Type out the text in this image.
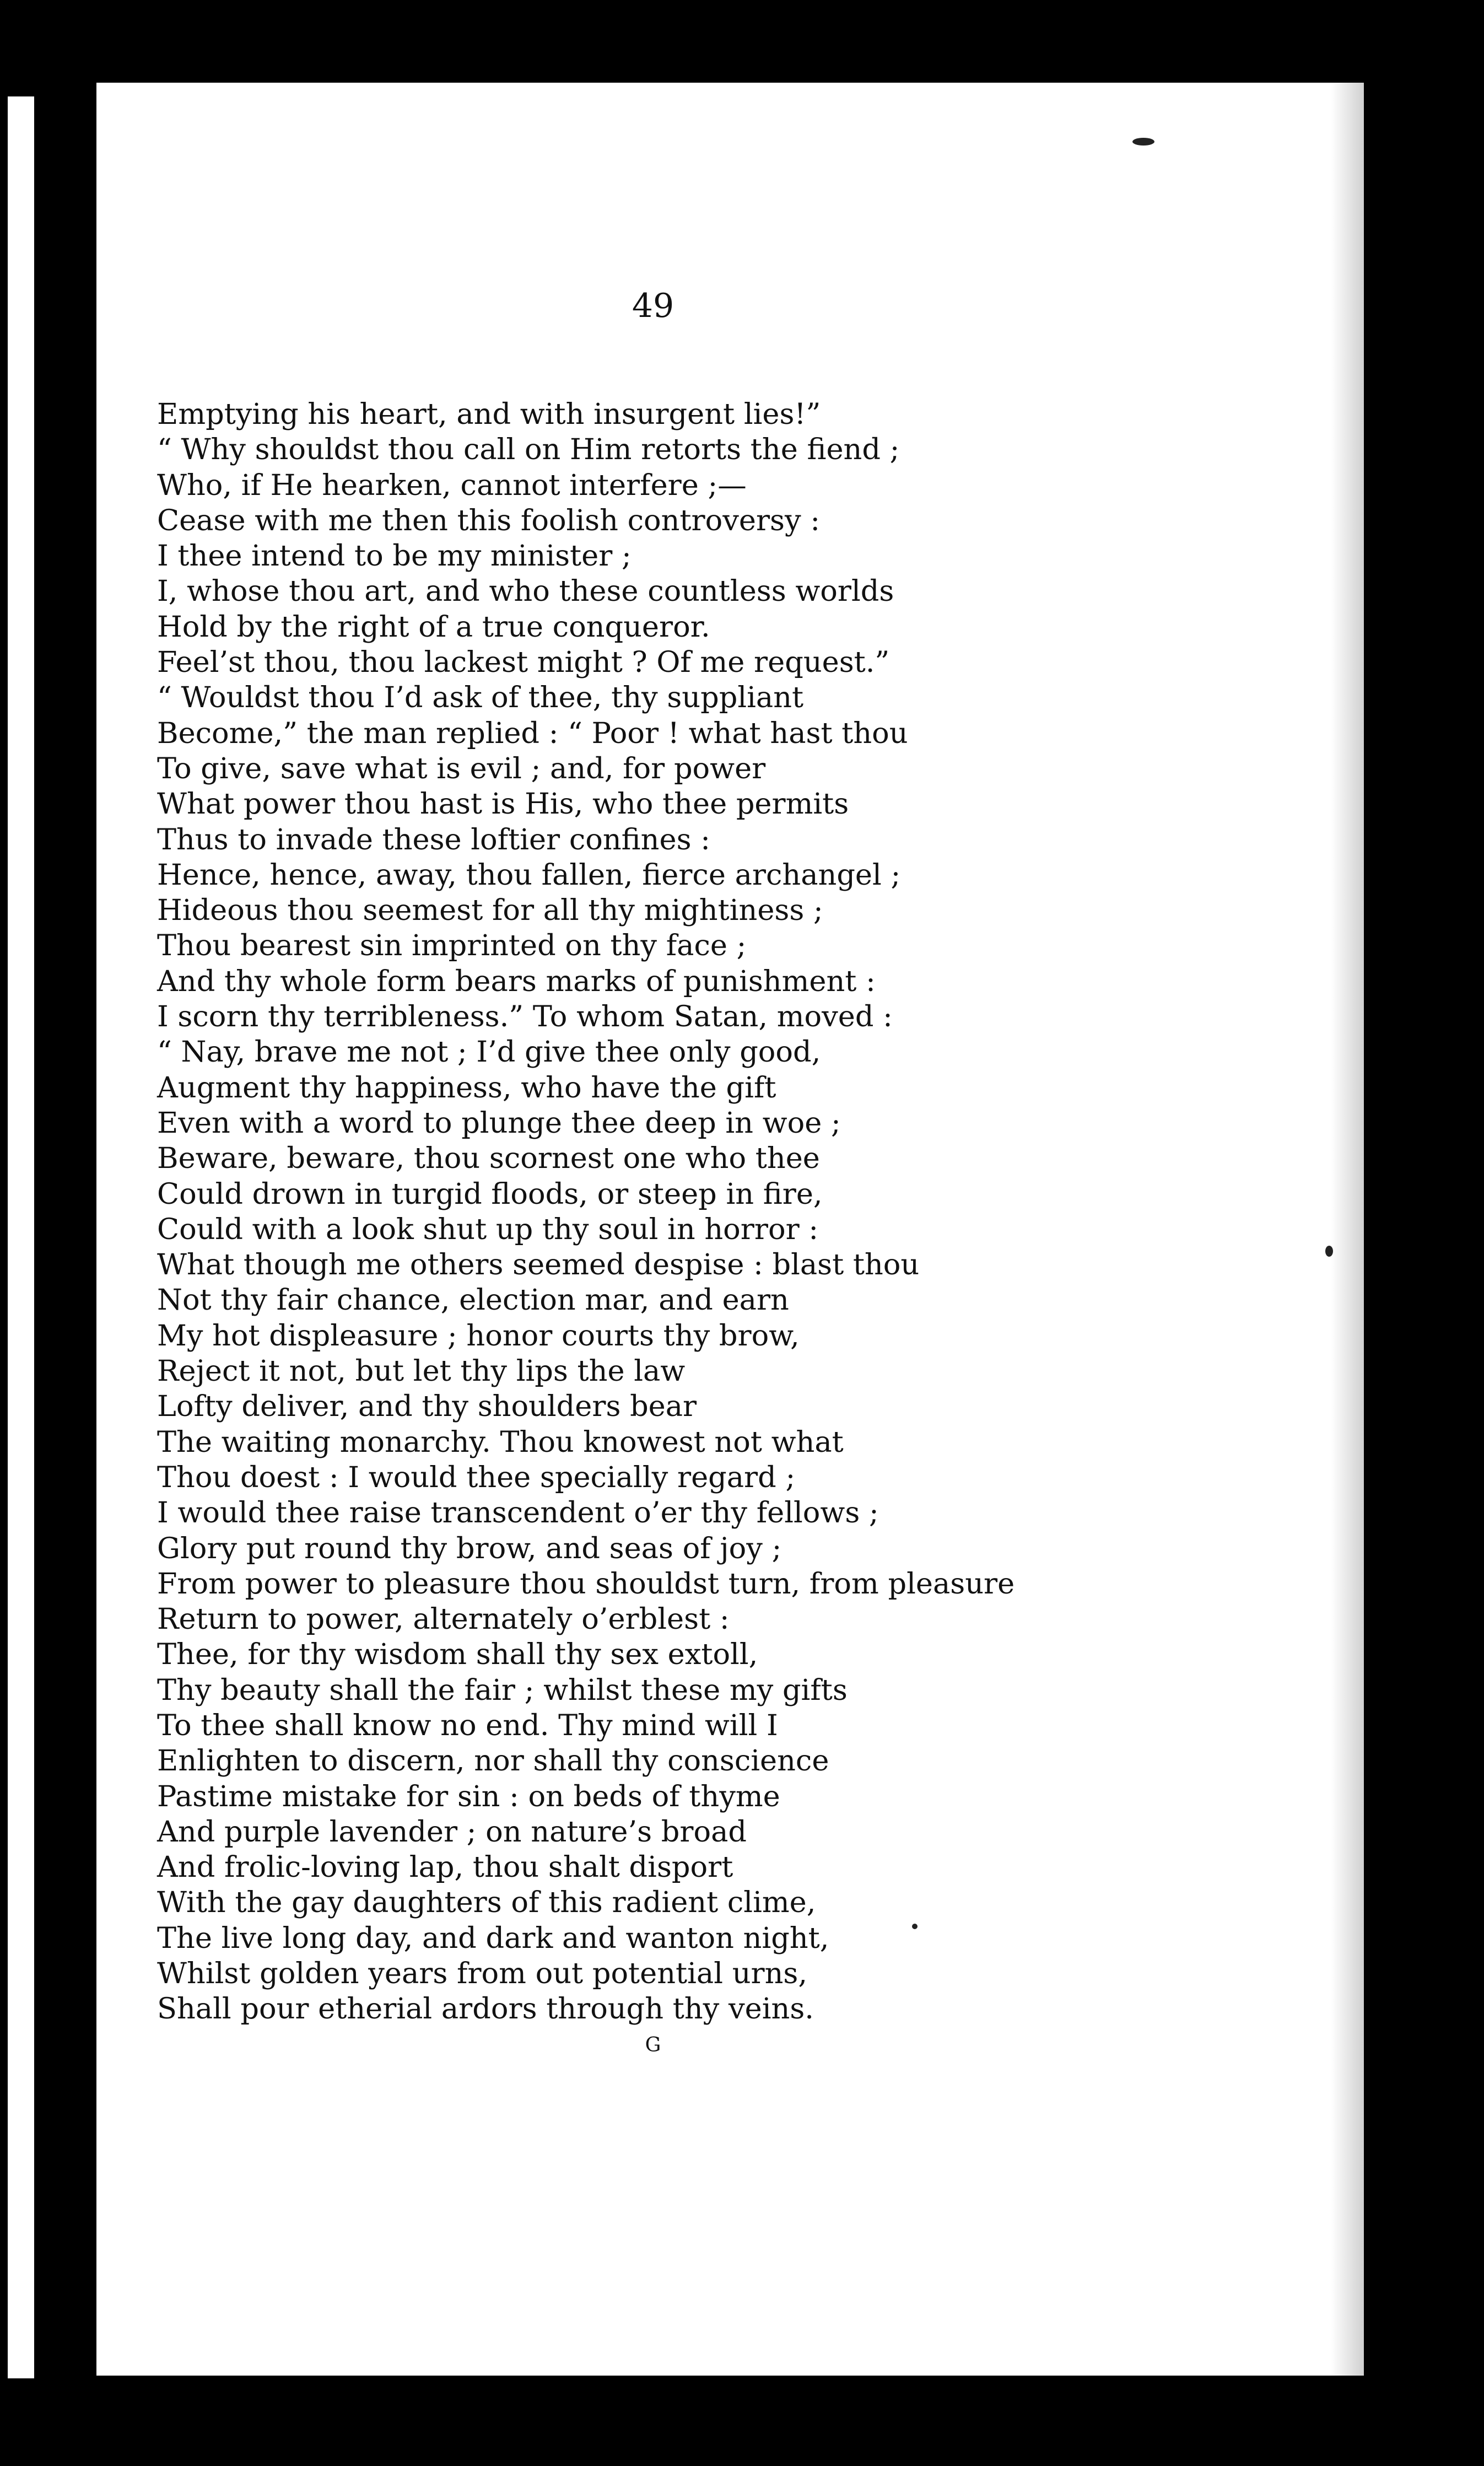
49
Emptying his heart, and with insurgent lies!”
“ Why shouldst thou call on Him retorts the fiend ;
Who, if He hearken, cannot interfere ;—
Cease with me then this foolish controversy :
I thee intend to be my minister ;
I, whose thou art, and who these countless worlds
Hold by the right of a true conqueror.
Feel’st thou, thou lackest might ? Of me request.”
“ Wouldst thou I’d ask of thee, thy suppliant
Become,” the man replied : “ Poor ! what hast thou
To give, save what is evil ; and, for power
What power thou hast is His, who thee permits
Thus to invade these loftier confines :
Hence, hence, away, thou fallen, fierce archangel ;
Hideous thou seemest for all thy mightiness ;
Thou bearest sin imprinted on thy face ;
And thy whole form bears marks of punishment :
I scorn thy terribleness.” To whom Satan, moved :
“ Nay, brave me not ; I’d give thee only good,
Augment thy happiness, who have the gift
Even with a word to plunge thee deep in woe ;
Beware, beware, thou scornest one who thee
Could drown in turgid floods, or steep in fire,
Could with a look shut up thy soul in horror :
What though me others seemed despise : blast thou
Not thy fair chance, election mar, and earn
My hot displeasure ; honor courts thy brow,
Reject it not, but let thy lips the law
Lofty deliver, and thy shoulders bear
The waiting monarchy. Thou knowest not what
Thou doest : I would thee specially regard ;
I would thee raise transcendent o’er thy fellows ;
Glory put round thy brow, and seas of joy ;
From power to pleasure thou shouldst turn, from pleasure
Return to power, alternately o’erblest :
Thee, for thy wisdom shall thy sex extoll,
Thy beauty shall the fair ; whilst these my gifts
To thee shall know no end. Thy mind will I
Enlighten to discern, nor shall thy conscience
Pastime mistake for sin : on beds of thyme
And purple lavender ; on nature’s broad
And frolic-loving lap, thou shalt disport
With the gay daughters of this radient clime,
The live long day, and dark and wanton night,
Whilst golden years from out potential urns,
Shall pour etherial ardors through thy veins.
G
